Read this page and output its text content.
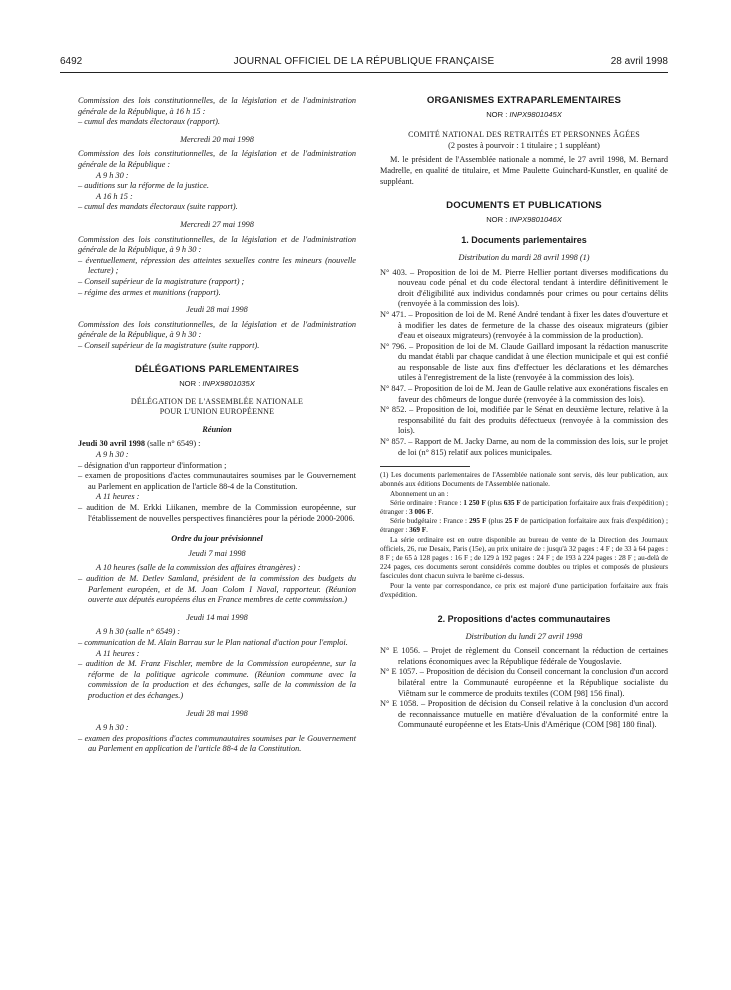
6492	JOURNAL OFFICIEL DE LA RÉPUBLIQUE FRANÇAISE	28 avril 1998

Commission des lois constitutionnelles, de la législation et de l'administration générale de la République, à 16 h 15 :

– cumul des mandats électoraux (rapport).

Mercredi 20 mai 1998

Commission des lois constitutionnelles, de la législation et de l'administration générale de la République :

A 9 h 30 :

– auditions sur la réforme de la justice.

A 16 h 15 :

– cumul des mandats électoraux (suite rapport).

Mercredi 27 mai 1998

Commission des lois constitutionnelles, de la législation et de l'administration générale de la République, à 9 h 30 :

– éventuellement, répression des atteintes sexuelles contre les mineurs (nouvelle lecture) ;

– Conseil supérieur de la magistrature (rapport) ;

– régime des armes et munitions (rapport).

Jeudi 28 mai 1998

Commission des lois constitutionnelles, de la législation et de l'administration générale de la République, à 9 h 30 :

– Conseil supérieur de la magistrature (suite rapport).

DÉLÉGATIONS PARLEMENTAIRES

NOR : INPX9801035X

DÉLÉGATION DE L'ASSEMBLÉE NATIONALE

POUR L'UNION EUROPÉENNE

Réunion

Jeudi 30 avril 1998 (salle n° 6549) :

A 9 h 30 :

– désignation d'un rapporteur d'information ;

– examen de propositions d'actes communautaires soumises par le Gouvernement au Parlement en application de l'article 88-4 de la Constitution.

A 11 heures :

– audition de M. Erkki Liikanen, membre de la Commission européenne, sur l'établissement de nouvelles perspectives financières pour la période 2000-2006.

Ordre du jour prévisionnel

Jeudi 7 mai 1998

A 10 heures (salle de la commission des affaires étrangères) :

– audition de M. Detlev Samland, président de la commission des budgets du Parlement européen, et de M. Joan Colom I Naval, rapporteur. (Réunion ouverte aux députés européens élus en France membres de cette commission.)

Jeudi 14 mai 1998

A 9 h 30 (salle n° 6549) :

– communication de M. Alain Barrau sur le Plan national d'action pour l'emploi.

A 11 heures :

– audition de M. Franz Fischler, membre de la Commission européenne, sur la réforme de la politique agricole commune. (Réunion commune avec la commission de la production et des échanges, salle de la commission de la production et des échanges.)

Jeudi 28 mai 1998

A 9 h 30 :

– examen des propositions d'actes communautaires soumises par le Gouvernement au Parlement en application de l'article 88-4 de la Constitution.

ORGANISMES EXTRAPARLEMENTAIRES

NOR : INPX9801045X

COMITÉ NATIONAL DES RETRAITÉS ET PERSONNES ÂGÉES

(2 postes à pourvoir : 1 titulaire ; 1 suppléant)

M. le président de l'Assemblée nationale a nommé, le 27 avril 1998, M. Bernard Madrelle, en qualité de titulaire, et Mme Paulette Guinchard-Kunstler, en qualité de suppléant.

DOCUMENTS ET PUBLICATIONS

NOR : INPX9801046X

1. Documents parlementaires

Distribution du mardi 28 avril 1998 (1)

N° 403. – Proposition de loi de M. Pierre Hellier portant diverses modifications du nouveau code pénal et du code électoral tendant à interdire définitivement le droit d'éligibilité aux individus condamnés pour crimes ou pour certains délits (renvoyée à la commission des lois).

N° 471. – Proposition de loi de M. René André tendant à fixer les dates d'ouverture et à modifier les dates de fermeture de la chasse des oiseaux migrateurs (gibier d'eau et oiseaux migrateurs) (renvoyée à la commission de la production).

N° 796. – Proposition de loi de M. Claude Gaillard imposant la rédaction manuscrite du mandat établi par chaque candidat à une élection municipale et qui est confié au responsable de liste aux fins d'effectuer les déclarations et les démarches utiles à l'enregistrement de la liste (renvoyée à la commission des lois).

N° 847. – Proposition de loi de M. Jean de Gaulle relative aux exonérations fiscales en faveur des chômeurs de longue durée (renvoyée à la commission des lois).

N° 852. – Proposition de loi, modifiée par le Sénat en deuxième lecture, relative à la responsabilité du fait des produits défectueux (renvoyée à la commission des lois).

N° 857. – Rapport de M. Jacky Darne, au nom de la commission des lois, sur le projet de loi (n° 815) relatif aux polices municipales.

(1) Les documents parlementaires de l'Assemblée nationale sont servis, dès leur publication, aux abonnés aux éditions Documents de l'Assemblée nationale.

Abonnement un an :

Série ordinaire : France : 1 250 F (plus 635 F de participation forfaitaire aux frais d'expédition) ; étranger : 3 006 F.

Série budgétaire : France : 295 F (plus 25 F de participation forfaitaire aux frais d'expédition) ; étranger : 369 F.

La série ordinaire est en outre disponible au bureau de vente de la Direction des Journaux officiels, 26, rue Desaix, Paris (15e), au prix unitaire de : jusqu'à 32 pages : 4 F ; de 33 à 64 pages : 8 F ; de 65 à 128 pages : 16 F ; de 129 à 192 pages : 24 F ; de 193 à 224 pages : 28 F ; au-delà de 224 pages, ces documents seront considérés comme doubles ou triples et composés de plusieurs fascicules dont chacun suivra le barème ci-dessus.

Pour la vente par correspondance, ce prix est majoré d'une participation forfaitaire aux frais d'expédition.

2. Propositions d'actes communautaires

Distribution du lundi 27 avril 1998

N° E 1056. – Projet de règlement du Conseil concernant la réduction de certaines relations économiques avec la République fédérale de Yougoslavie.

N° E 1057. – Proposition de décision du Conseil concernant la conclusion d'un accord bilatéral entre la Communauté européenne et la République socialiste du Viêtnam sur le commerce de produits textiles (COM [98] 156 final).

N° E 1058. – Proposition de décision du Conseil relative à la conclusion d'un accord de reconnaissance mutuelle en matière d'évaluation de la conformité entre la Communauté européenne et les Etats-Unis d'Amérique (COM [98] 180 final).
